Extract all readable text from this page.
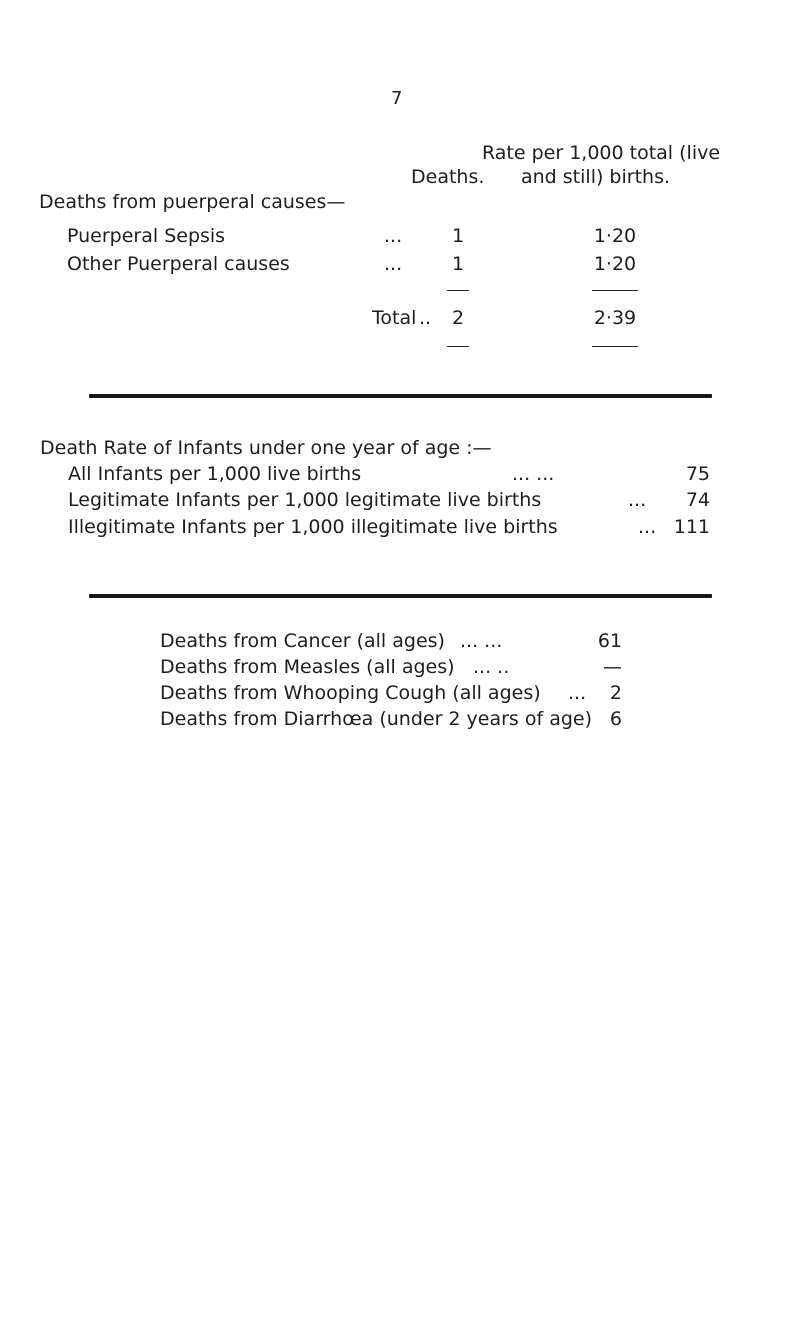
7
Rate per 1,000 total (live
Deaths. and still) births.
Deaths from puerperal causes—
Puerperal Sepsis	...	1	1·20
Other Puerperal causes	...	1	1·20
Total ..	2	2·39
Death Rate of Infants under one year of age :—
All Infants per 1,000 live births	... ...	75
Legitimate Infants per 1,000 legitimate live births	...	74
Illegitimate Infants per 1,000 illegitimate live births	... 111
Deaths from Cancer (all ages) ... ...	61
Deaths from Measles (all ages) ... ..	—
Deaths from Whooping Cough (all ages) ...	2
Deaths from Diarrhœa (under 2 years of age) 6
